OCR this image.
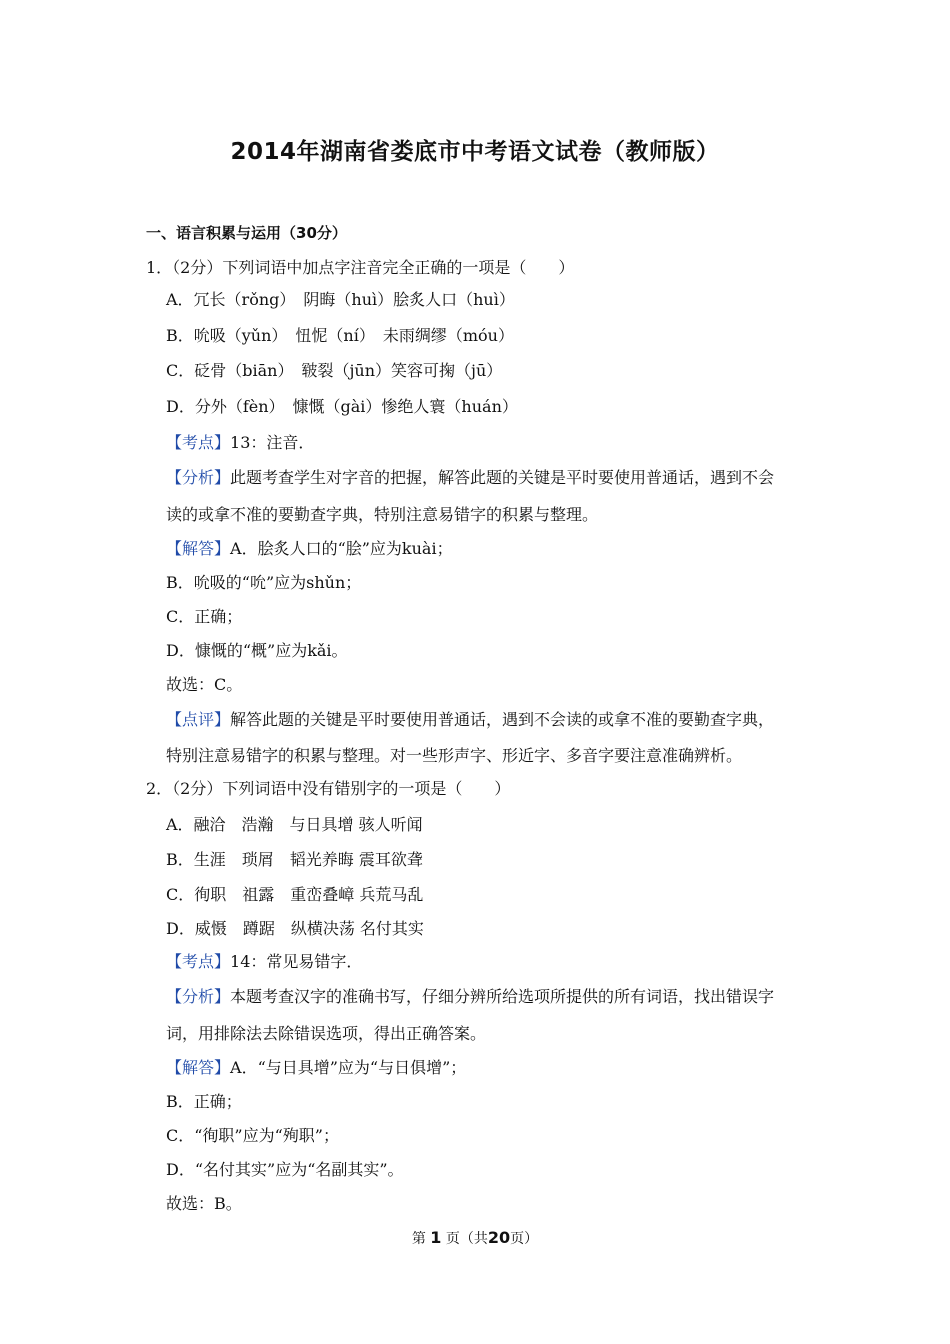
2014年湖南省娄底市中考语文试卷（教师版）
一、语言积累与运用（30分）
1．（2分）下列词语中加点字注音完全正确的一项是（　　）
A．冗长（rǒng）　阴晦（huì）脍炙人口（huì）
B．吮吸（yǔn）　忸怩（ní）　未雨绸缪（móu）
C．砭骨（biān）　皲裂（jūn）笑容可掬（jū）
D．分外（fèn）　慷慨（gài）惨绝人寰（huán）
【考点】13：注音．
【分析】此题考查学生对字音的把握，解答此题的关键是平时要使用普通话，遇到不会
读的或拿不准的要勤查字典，特别注意易错字的积累与整理。
【解答】A．脍炙人口的“脍”应为kuài；
B．吮吸的“吮”应为shǔn；
C．正确；
D．慷慨的“概”应为kǎi。
故选：C。
【点评】解答此题的关键是平时要使用普通话，遇到不会读的或拿不准的要勤查字典，
特别注意易错字的积累与整理。对一些形声字、形近字、多音字要注意准确辨析。
2．（2分）下列词语中没有错别字的一项是（　　）
A．融洽　浩瀚　与日具增 骇人听闻
B．生涯　琐屑　韬光养晦 震耳欲聋
C．徇职　祖露　重峦叠嶂 兵荒马乱
D．威慑　蹲踞　纵横决荡 名付其实
【考点】14：常见易错字．
【分析】本题考查汉字的准确书写，仔细分辨所给选项所提供的所有词语，找出错误字
词，用排除法去除错误选项，得出正确答案。
【解答】A．“与日具增”应为“与日俱增”；
B．正确；
C．“徇职”应为“殉职”；
D．“名付其实”应为“名副其实”。
故选：B。
第 1 页（共20页）
